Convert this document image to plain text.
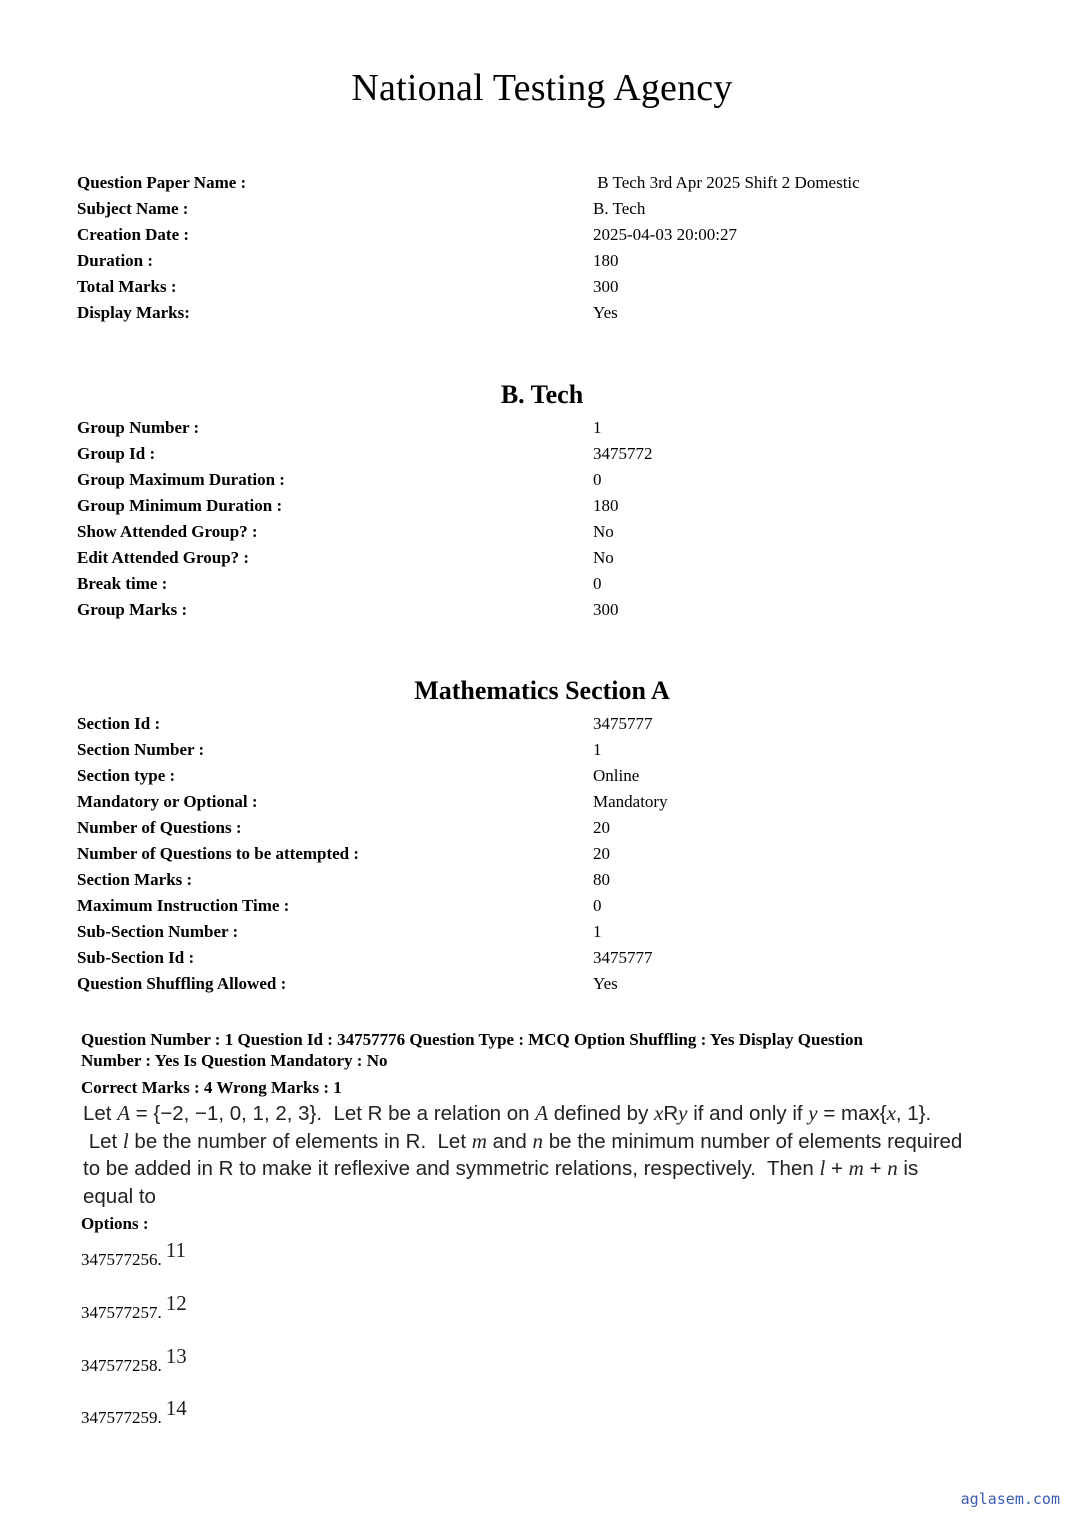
National Testing Agency
Question Paper Name :	B Tech 3rd Apr 2025 Shift 2 Domestic
Subject Name :	B. Tech
Creation Date :	2025-04-03 20:00:27
Duration :	180
Total Marks :	300
Display Marks:	Yes
B. Tech
Group Number :	1
Group Id :	3475772
Group Maximum Duration :	0
Group Minimum Duration :	180
Show Attended Group? :	No
Edit Attended Group? :	No
Break time :	0
Group Marks :	300
Mathematics Section A
Section Id :	3475777
Section Number :	1
Section type :	Online
Mandatory or Optional :	Mandatory
Number of Questions :	20
Number of Questions to be attempted :	20
Section Marks :	80
Maximum Instruction Time :	0
Sub-Section Number :	1
Sub-Section Id :	3475777
Question Shuffling Allowed :	Yes
Question Number : 1 Question Id : 34757776 Question Type : MCQ Option Shuffling : Yes Display Question
Number : Yes Is Question Mandatory : No
Correct Marks : 4 Wrong Marks : 1
Let A = {−2, −1, 0, 1, 2, 3}.  Let R be a relation on A defined by xRy if and only if y = max{x, 1}.
Let l be the number of elements in R.  Let m and n be the minimum number of elements required
to be added in R to make it reflexive and symmetric relations, respectively.  Then l + m + n is
equal to
Options :
347577256. 11
347577257. 12
347577258. 13
347577259. 14
aglasem.com
